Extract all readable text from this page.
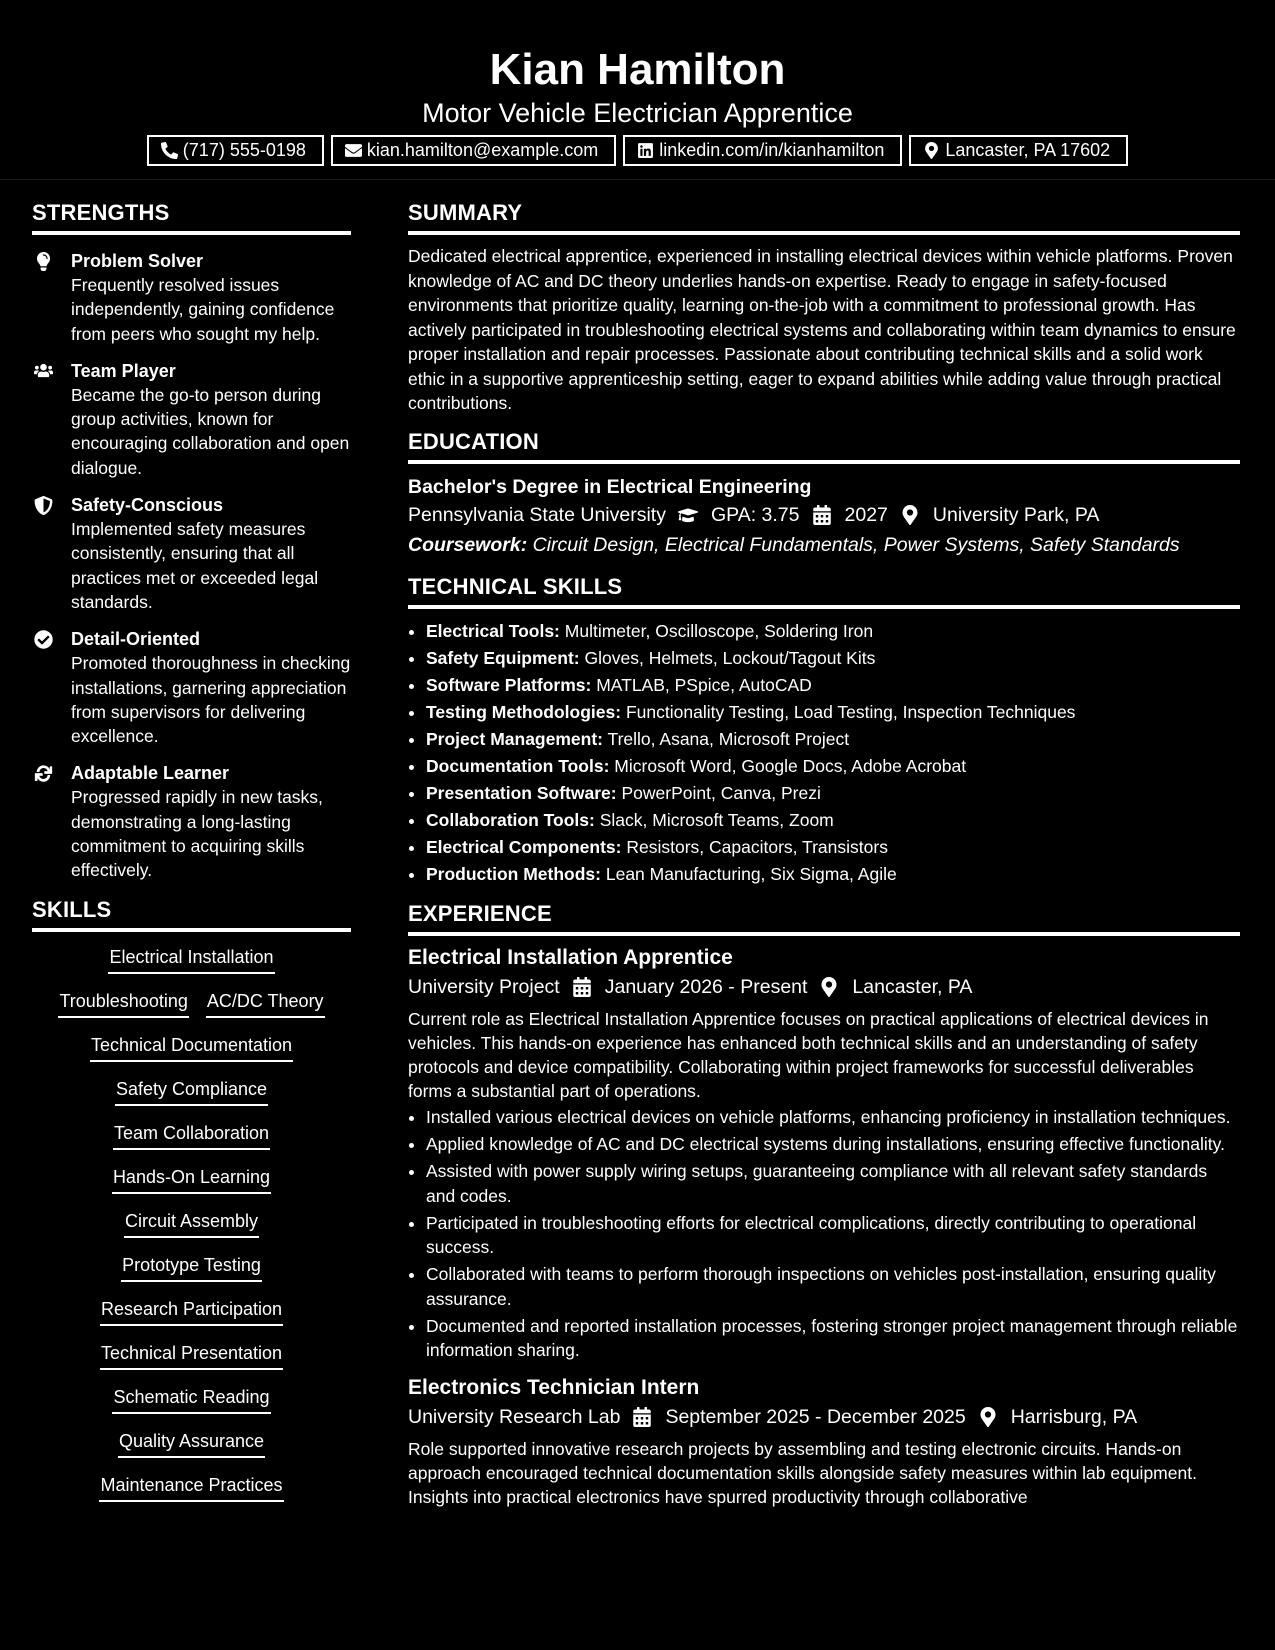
Kian Hamilton
Motor Vehicle Electrician Apprentice
(717) 555-0198	kian.hamilton@example.com	linkedin.com/in/kianhamilton	Lancaster, PA 17602
STRENGTHS
Problem Solver

Frequently resolved issues independently, gaining confidence from peers who sought my help.

Team Player

Became the go-to person during group activities, known for encouraging collaboration and open dialogue.

Safety-Conscious

Implemented safety measures consistently, ensuring that all practices met or exceeded legal standards.

Detail-Oriented

Promoted thoroughness in checking installations, garnering appreciation from supervisors for delivering excellence.

Adaptable Learner

Progressed rapidly in new tasks, demonstrating a long-lasting commitment to acquiring skills effectively.

SKILLS
Electrical Installation
Troubleshooting AC/DC Theory
Technical Documentation
Safety Compliance
Team Collaboration
Hands-On Learning
Circuit Assembly
Prototype Testing
Research Participation
Technical Presentation
Schematic Reading
Quality Assurance
Maintenance Practices
SUMMARY

Dedicated electrical apprentice, experienced in installing electrical devices within vehicle platforms. Proven knowledge of AC and DC theory underlies hands-on expertise. Ready to engage in safety-focused environments that prioritize quality, learning on-the-job with a commitment to professional growth. Has actively participated in troubleshooting electrical systems and collaborating within team dynamics to ensure proper installation and repair processes. Passionate about contributing technical skills and a solid work ethic in a supportive apprenticeship setting, eager to expand abilities while adding value through practical contributions.

EDUCATION
Bachelor's Degree in Electrical Engineering
Pennsylvania State University GPA: 3.75 2027 University Park, PA
Coursework: Circuit Design, Electrical Fundamentals, Power Systems, Safety Standards
TECHNICAL SKILLS
• Electrical Tools: Multimeter, Oscilloscope, Soldering Iron
• Safety Equipment: Gloves, Helmets, Lockout/Tagout Kits
• Software Platforms: MATLAB, PSpice, AutoCAD
• Testing Methodologies: Functionality Testing, Load Testing, Inspection Techniques
• Project Management: Trello, Asana, Microsoft Project
• Documentation Tools: Microsoft Word, Google Docs, Adobe Acrobat
• Presentation Software: PowerPoint, Canva, Prezi
• Collaboration Tools: Slack, Microsoft Teams, Zoom
• Electrical Components: Resistors, Capacitors, Transistors
• Production Methods: Lean Manufacturing, Six Sigma, Agile
EXPERIENCE
Electrical Installation Apprentice
University Project January 2026 - Present Lancaster, PA

Current role as Electrical Installation Apprentice focuses on practical applications of electrical devices in vehicles. This hands-on experience has enhanced both technical skills and an understanding of safety protocols and device compatibility. Collaborating within project frameworks for successful deliverables forms a substantial part of operations.

• Installed various electrical devices on vehicle platforms, enhancing proficiency in installation techniques.
• Applied knowledge of AC and DC electrical systems during installations, ensuring effective functionality.
• Assisted with power supply wiring setups, guaranteeing compliance with all relevant safety standards and codes.
• Participated in troubleshooting efforts for electrical complications, directly contributing to operational success.
• Collaborated with teams to perform thorough inspections on vehicles post-installation, ensuring quality assurance.
• Documented and reported installation processes, fostering stronger project management through reliable information sharing.
Electronics Technician Intern
University Research Lab September 2025 - December 2025 Harrisburg, PA

Role supported innovative research projects by assembling and testing electronic circuits. Hands-on approach encouraged technical documentation skills alongside safety measures within lab equipment. Insights into practical electronics have spurred productivity through collaborative
